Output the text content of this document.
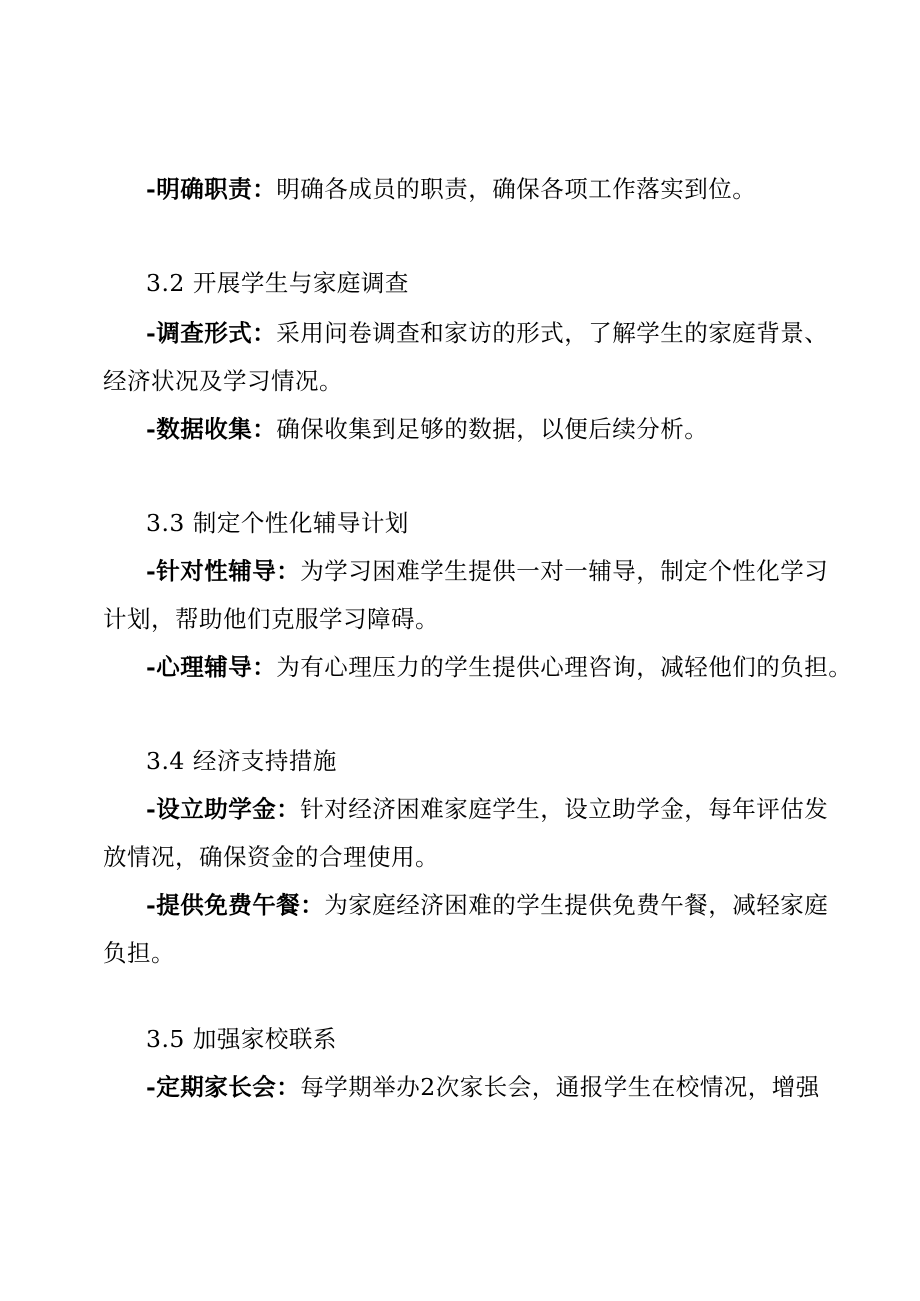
-明确职责：明确各成员的职责，确保各项工作落实到位。
3.2 开展学生与家庭调查
-调查形式：采用问卷调查和家访的形式，了解学生的家庭背景、
经济状况及学习情况。
-数据收集：确保收集到足够的数据，以便后续分析。
3.3 制定个性化辅导计划
-针对性辅导：为学习困难学生提供一对一辅导，制定个性化学习
计划，帮助他们克服学习障碍。
-心理辅导：为有心理压力的学生提供心理咨询，减轻他们的负担。
3.4 经济支持措施
-设立助学金：针对经济困难家庭学生，设立助学金，每年评估发
放情况，确保资金的合理使用。
-提供免费午餐：为家庭经济困难的学生提供免费午餐，减轻家庭
负担。
3.5 加强家校联系
-定期家长会：每学期举办2次家长会，通报学生在校情况，增强
